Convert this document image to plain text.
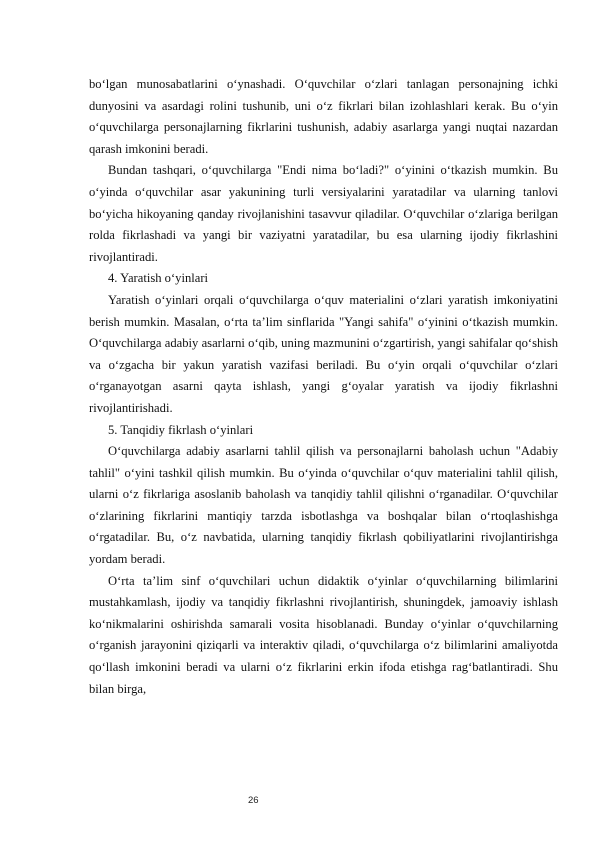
bo‘lgan munosabatlarini o‘ynashadi. O‘quvchilar o‘zlari tanlagan personajning ichki dunyosini va asardagi rolini tushunib, uni o‘z fikrlari bilan izohlashlari kerak. Bu o‘yin o‘quvchilarga personajlarning fikrlarini tushunish, adabiy asarlarga yangi nuqtai nazardan qarash imkonini beradi.

Bundan tashqari, o‘quvchilarga "Endi nima bo‘ladi?" o‘yinini o‘tkazish mumkin. Bu o‘yinda o‘quvchilar asar yakunining turli versiyalarini yaratadilar va ularning tanlovi bo‘yicha hikoyaning qanday rivojlanishini tasavvur qiladilar. O‘quvchilar o‘zlariga berilgan rolda fikrlashadi va yangi bir vaziyatni yaratadilar, bu esa ularning ijodiy fikrlashini rivojlantiradi.

4. Yaratish o‘yinlari

Yaratish o‘yinlari orqali o‘quvchilarga o‘quv materialini o‘zlari yaratish imkoniyatini berish mumkin. Masalan, o‘rta ta’lim sinflarida "Yangi sahifa" o‘yinini o‘tkazish mumkin. O‘quvchilarga adabiy asarlarni o‘qib, uning mazmunini o‘zgartirish, yangi sahifalar qo‘shish va o‘zgacha bir yakun yaratish vazifasi beriladi. Bu o‘yin orqali o‘quvchilar o‘zlari o‘rganayotgan asarni qayta ishlash, yangi g‘oyalar yaratish va ijodiy fikrlashni rivojlantirishadi.

5. Tanqidiy fikrlash o‘yinlari

O‘quvchilarga adabiy asarlarni tahlil qilish va personajlarni baholash uchun "Adabiy tahlil" o‘yini tashkil qilish mumkin. Bu o‘yinda o‘quvchilar o‘quv materialini tahlil qilish, ularni o‘z fikrlariga asoslanib baholash va tanqidiy tahlil qilishni o‘rganadilar. O‘quvchilar o‘zlarining fikrlarini mantiqiy tarzda isbotlashga va boshqalar bilan o‘rtoqlashishga o‘rgatadilar. Bu, o‘z navbatida, ularning tanqidiy fikrlash qobiliyatlarini rivojlantirishga yordam beradi.

O‘rta ta’lim sinf o‘quvchilari uchun didaktik o‘yinlar o‘quvchilarning bilimlarini mustahkamlash, ijodiy va tanqidiy fikrlashni rivojlantirish, shuningdek, jamoaviy ishlash ko‘nikmalarini oshirishda samarali vosita hisoblanadi. Bunday o‘yinlar o‘quvchilarning o‘rganish jarayonini qiziqarli va interaktiv qiladi, o‘quvchilarga o‘z bilimlarini amaliyotda qo‘llash imkonini beradi va ularni o‘z fikrlarini erkin ifoda etishga rag‘batlantiradi. Shu bilan birga,

26
